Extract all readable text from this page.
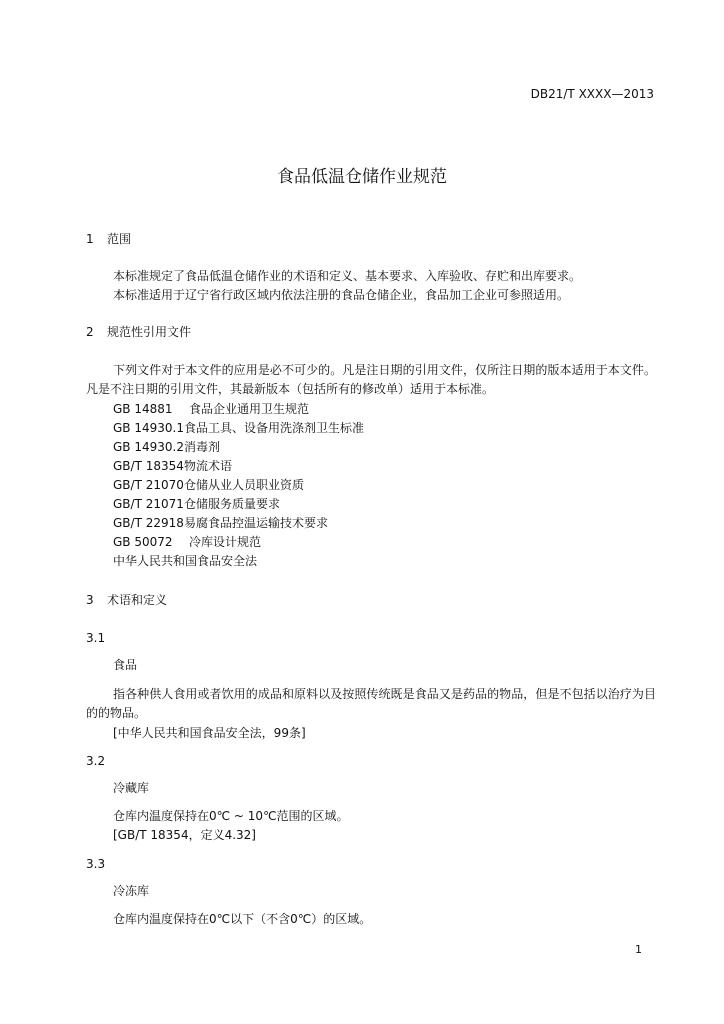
DB21/T XXXX—2013
食品低温仓储作业规范
1 范围
本标准规定了食品低温仓储作业的术语和定义、基本要求、入库验收、存贮和出库要求。
本标准适用于辽宁省行政区域内依法注册的食品仓储企业，食品加工企业可参照适用。
2 规范性引用文件
下列文件对于本文件的应用是必不可少的。凡是注日期的引用文件，仅所注日期的版本适用于本文件。凡是不注日期的引用文件，其最新版本（包括所有的修改单）适用于本标准。
GB 14881 食品企业通用卫生规范
GB 14930.1食品工具、设备用洗涤剂卫生标准
GB 14930.2消毒剂
GB/T 18354物流术语
GB/T 21070仓储从业人员职业资质
GB/T 21071仓储服务质量要求
GB/T 22918易腐食品控温运输技术要求
GB 50072 冷库设计规范
中华人民共和国食品安全法
3 术语和定义
3.1
食品
指各种供人食用或者饮用的成品和原料以及按照传统既是食品又是药品的物品，但是不包括以治疗为目的的物品。
[中华人民共和国食品安全法，99条]
3.2
冷藏库
仓库内温度保持在0℃ ~ 10℃范围的区域。
[GB/T 18354，定义4.32]
3.3
冷冻库
仓库内温度保持在0℃以下（不含0℃）的区域。
1
